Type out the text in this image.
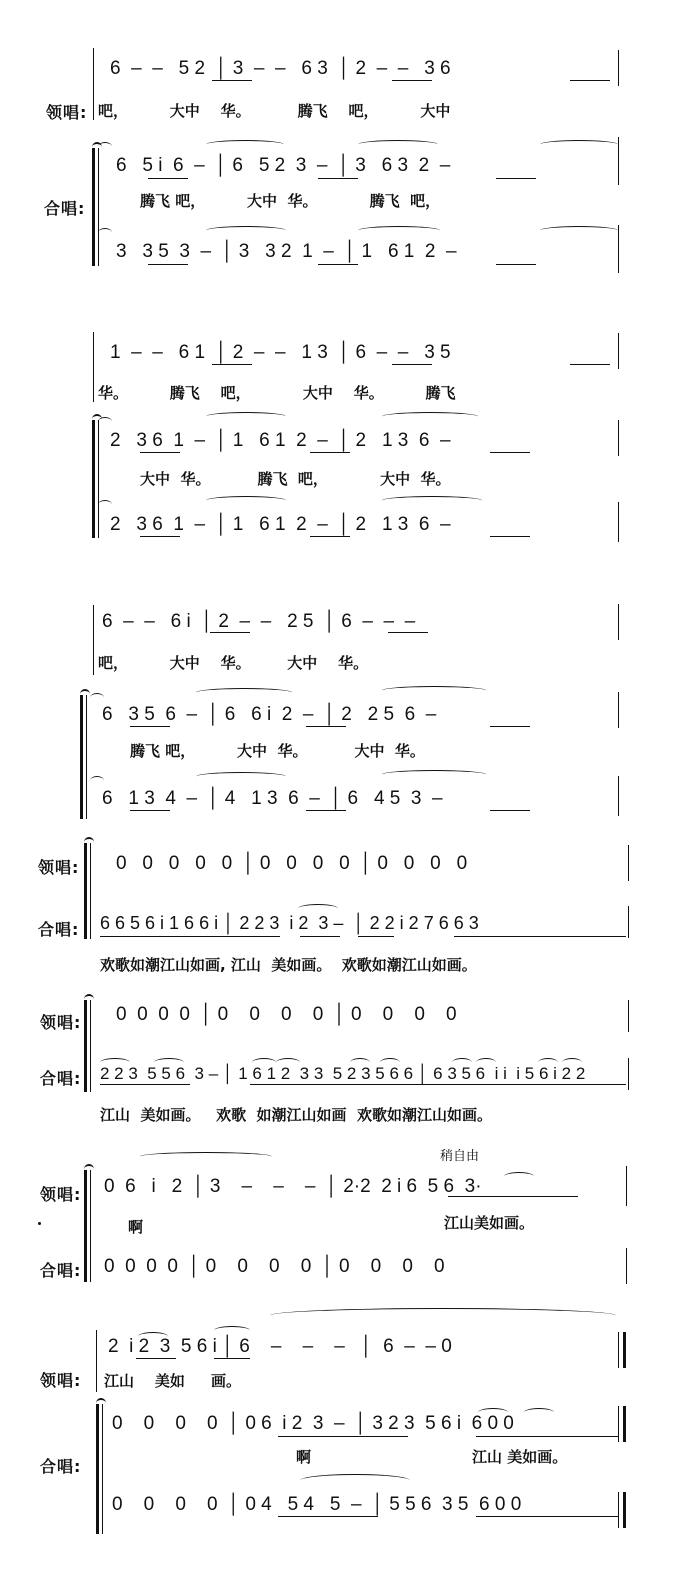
领唱:
合唱:
6  –  –   5 2  │ 3  –  –   6 3  │ 2  –  –   3 6
吧，        大中    华。         腾飞    吧，        大中
6   5 i  6  –  │ 6   5 2  3  –  │ 3   6 3  2  –
腾飞 吧，        大中  华。          腾飞  吧，
3   3 5  3  –  │ 3   3 2  1  –  │ 1   6 1  2  –
1  –  –   6 1  │ 2  –  –   1 3  │ 6  –  –   3 5
华。        腾飞    吧，          大中    华。        腾飞
2   3 6  1  –  │ 1   6 1  2  –  │ 2   1 3  6  –
大中  华。         腾飞  吧，          大中  华。
2   3 6  1  –  │ 1   6 1  2  –  │ 2   1 3  6  –
6  –  –   6 i  │ 2  –  –   2 5  │ 6  –  –  –
吧，        大中    华。       大中    华。
6   3 5  6  –  │ 6   6 i  2  –  │ 2   2 5  6  –
腾飞 吧，        大中  华。         大中  华。
6   1 3  4  –  │ 4   1 3  6  –  │ 6   4 5  3  –
领唱:
合唱:
0   0   0   0   0  │ 0   0   0   0  │ 0   0   0   0
6 6 5 6 i 1 6 6 i │ 2 2 3  i 2  3 –  │ 2 2 i 2 7 6 6 3
欢歌如潮江山如画, 江山  美如画。  欢歌如潮江山如画。
领唱:
合唱:
0  0  0  0  │ 0    0    0    0  │ 0    0    0    0
2 2 3  5 5 6  3 – │ 1 6 1 2  3 3  5 2 3 5 6 6 │ 6 3 5 6  i i  i 5 6 i 2 2
江山  美如画。   欢歌  如潮江山如画  欢歌如潮江山如画。
稍自由
领唱:
合唱:
0  6   i   2  │ 3    –    –    –  │ 2·2  2 i 6  5 6  3·
啊	江山美如画。
0  0  0  0  │ 0    0    0    0  │ 0    0    0    0
领唱:
合唱:
2  i 2  3  5 6 i │ 6    –    –    –   │  6  –  – 0
江山    美如     画。
0    0    0    0  │ 0 6  i 2  3  –  │ 3 2 3  5 6 i  6 0 0
啊	江山 美如画。
0    0    0    0  │ 0 4   5 4   5  –  │ 5 5 6  3 5  6 0 0
